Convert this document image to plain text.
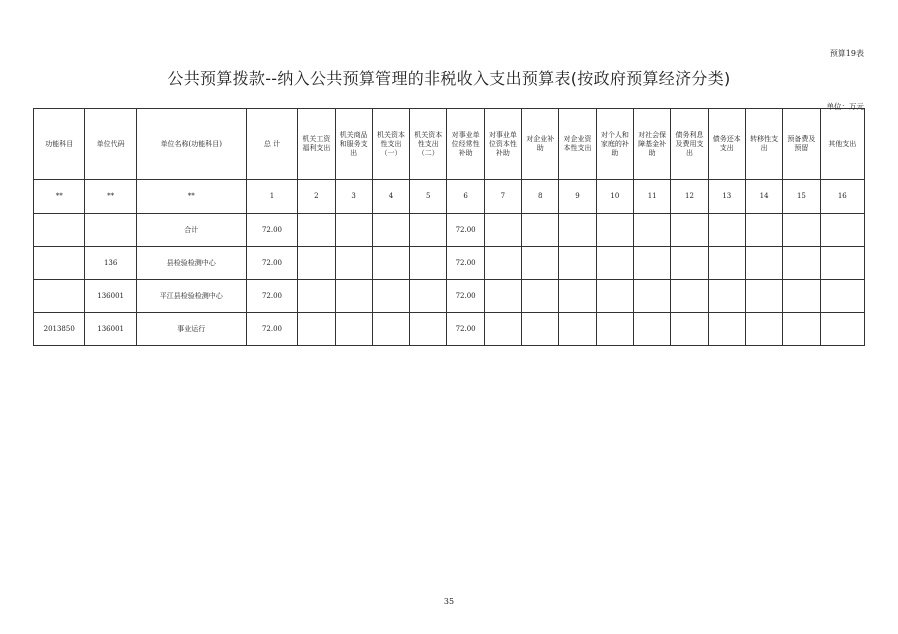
预算19表
公共预算拨款--纳入公共预算管理的非税收入支出预算表(按政府预算经济分类)
单位：万元
功能科目	单位代码	单位名称(功能科目)	总 计	机关工资福利支出	机关商品和服务支出	机关资本性支出（一）	机关资本性支出（二）	对事业单位经常性补助	对事业单位资本性补助	对企业补助	对企业资本性支出	对个人和家庭的补助	对社会保障基金补助	债务利息及费用支出	债务还本支出	转移性支出	预备费及预留	其他支出
**	**	**	1	2	3	4	5	6	7	8	9	10	11	12	13	14	15	16
		合计	72.00					72.00										
	136	县检验检测中心	72.00					72.00										
	136001	平江县检验检测中心	72.00					72.00										
2013850	136001	事业运行	72.00					72.00										
35
